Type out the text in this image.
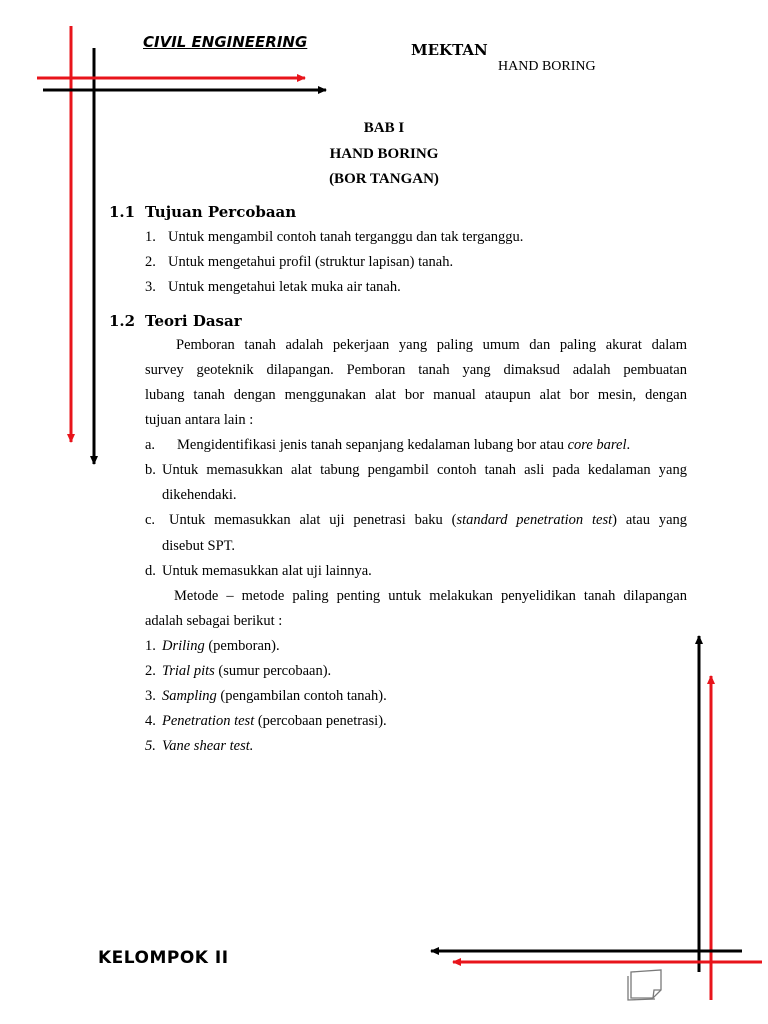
CIVIL ENGINEERING	MEKTAN
HAND BORING
BAB I
HAND BORING
(BOR TANGAN)
1.1 Tujuan Percobaan
1. Untuk mengambil contoh tanah terganggu dan tak terganggu.
2. Untuk mengetahui profil (struktur lapisan) tanah.
3. Untuk mengetahui letak muka air tanah.
1.2 Teori Dasar
Pemboran tanah adalah pekerjaan yang paling umum dan paling akurat dalam
survey geoteknik dilapangan. Pemboran tanah yang dimaksud adalah pembuatan
lubang tanah dengan menggunakan alat bor manual ataupun alat bor mesin, dengan
tujuan antara lain :
a. Mengidentifikasi jenis tanah sepanjang kedalaman lubang bor atau core barel.
b. Untuk memasukkan alat tabung pengambil contoh tanah asli pada kedalaman yang
dikehendaki.
c. Untuk memasukkan alat uji penetrasi baku (standard penetration test) atau yang
disebut SPT.
d. Untuk memasukkan alat uji lainnya.
Metode – metode paling penting untuk melakukan penyelidikan tanah dilapangan
adalah sebagai berikut :
1. Driling (pemboran).
2. Trial pits (sumur percobaan).
3. Sampling (pengambilan contoh tanah).
4. Penetration test (percobaan penetrasi).
5. Vane shear test.
KELOMPOK II
